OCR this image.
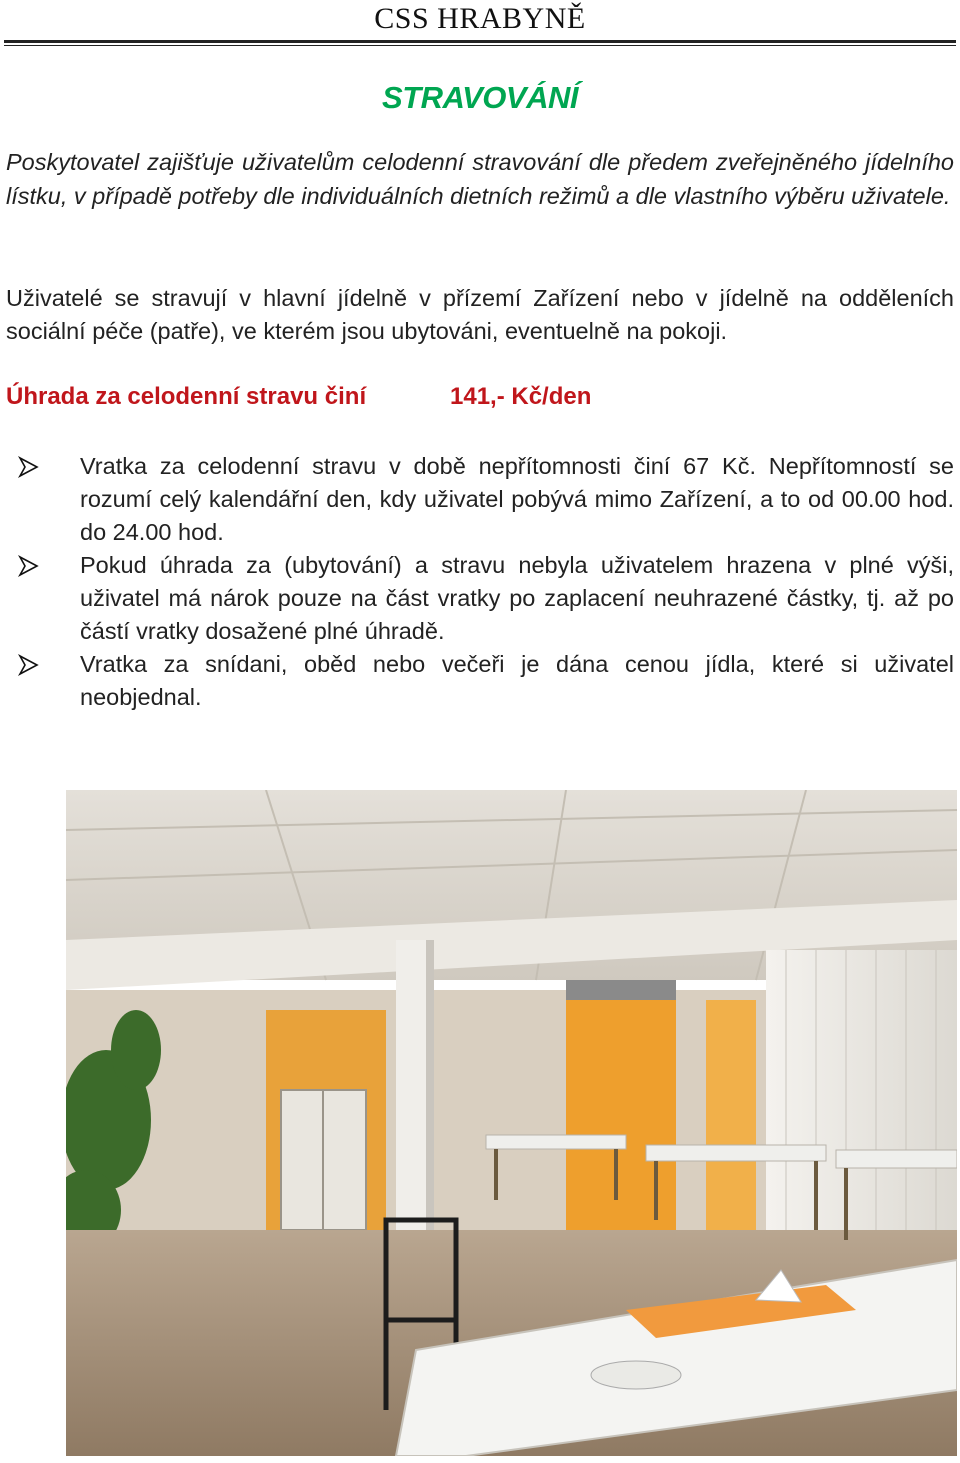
CSS HRABYNĚ
STRAVOVÁNÍ

Poskytovatel zajišťuje uživatelům celodenní stravování dle předem zveřejněného jídelního lístku, v případě potřeby dle individuálních dietních režimů a dle vlastního výběru uživatele.

Uživatelé se stravují v hlavní jídelně v přízemí Zařízení nebo v jídelně na odděleních sociální péče (patře), ve kterém jsou ubytováni, eventuelně na pokoji.

Úhrada za celodenní stravu činí	141,- Kč/den
Vratka za celodenní stravu v době nepřítomnosti činí 67 Kč. Nepřítomností se rozumí celý kalendářní den, kdy uživatel pobývá mimo Zařízení, a to od 00.00 hod. do 24.00 hod.
Pokud úhrada za (ubytování) a stravu nebyla uživatelem hrazena v plné výši, uživatel má nárok pouze na část vratky po zaplacení neuhrazené částky, tj. až po částí vratky dosažené plné úhradě.
Vratka za snídani, oběd nebo večeři je dána cenou jídla, které si uživatel neobjednal.
